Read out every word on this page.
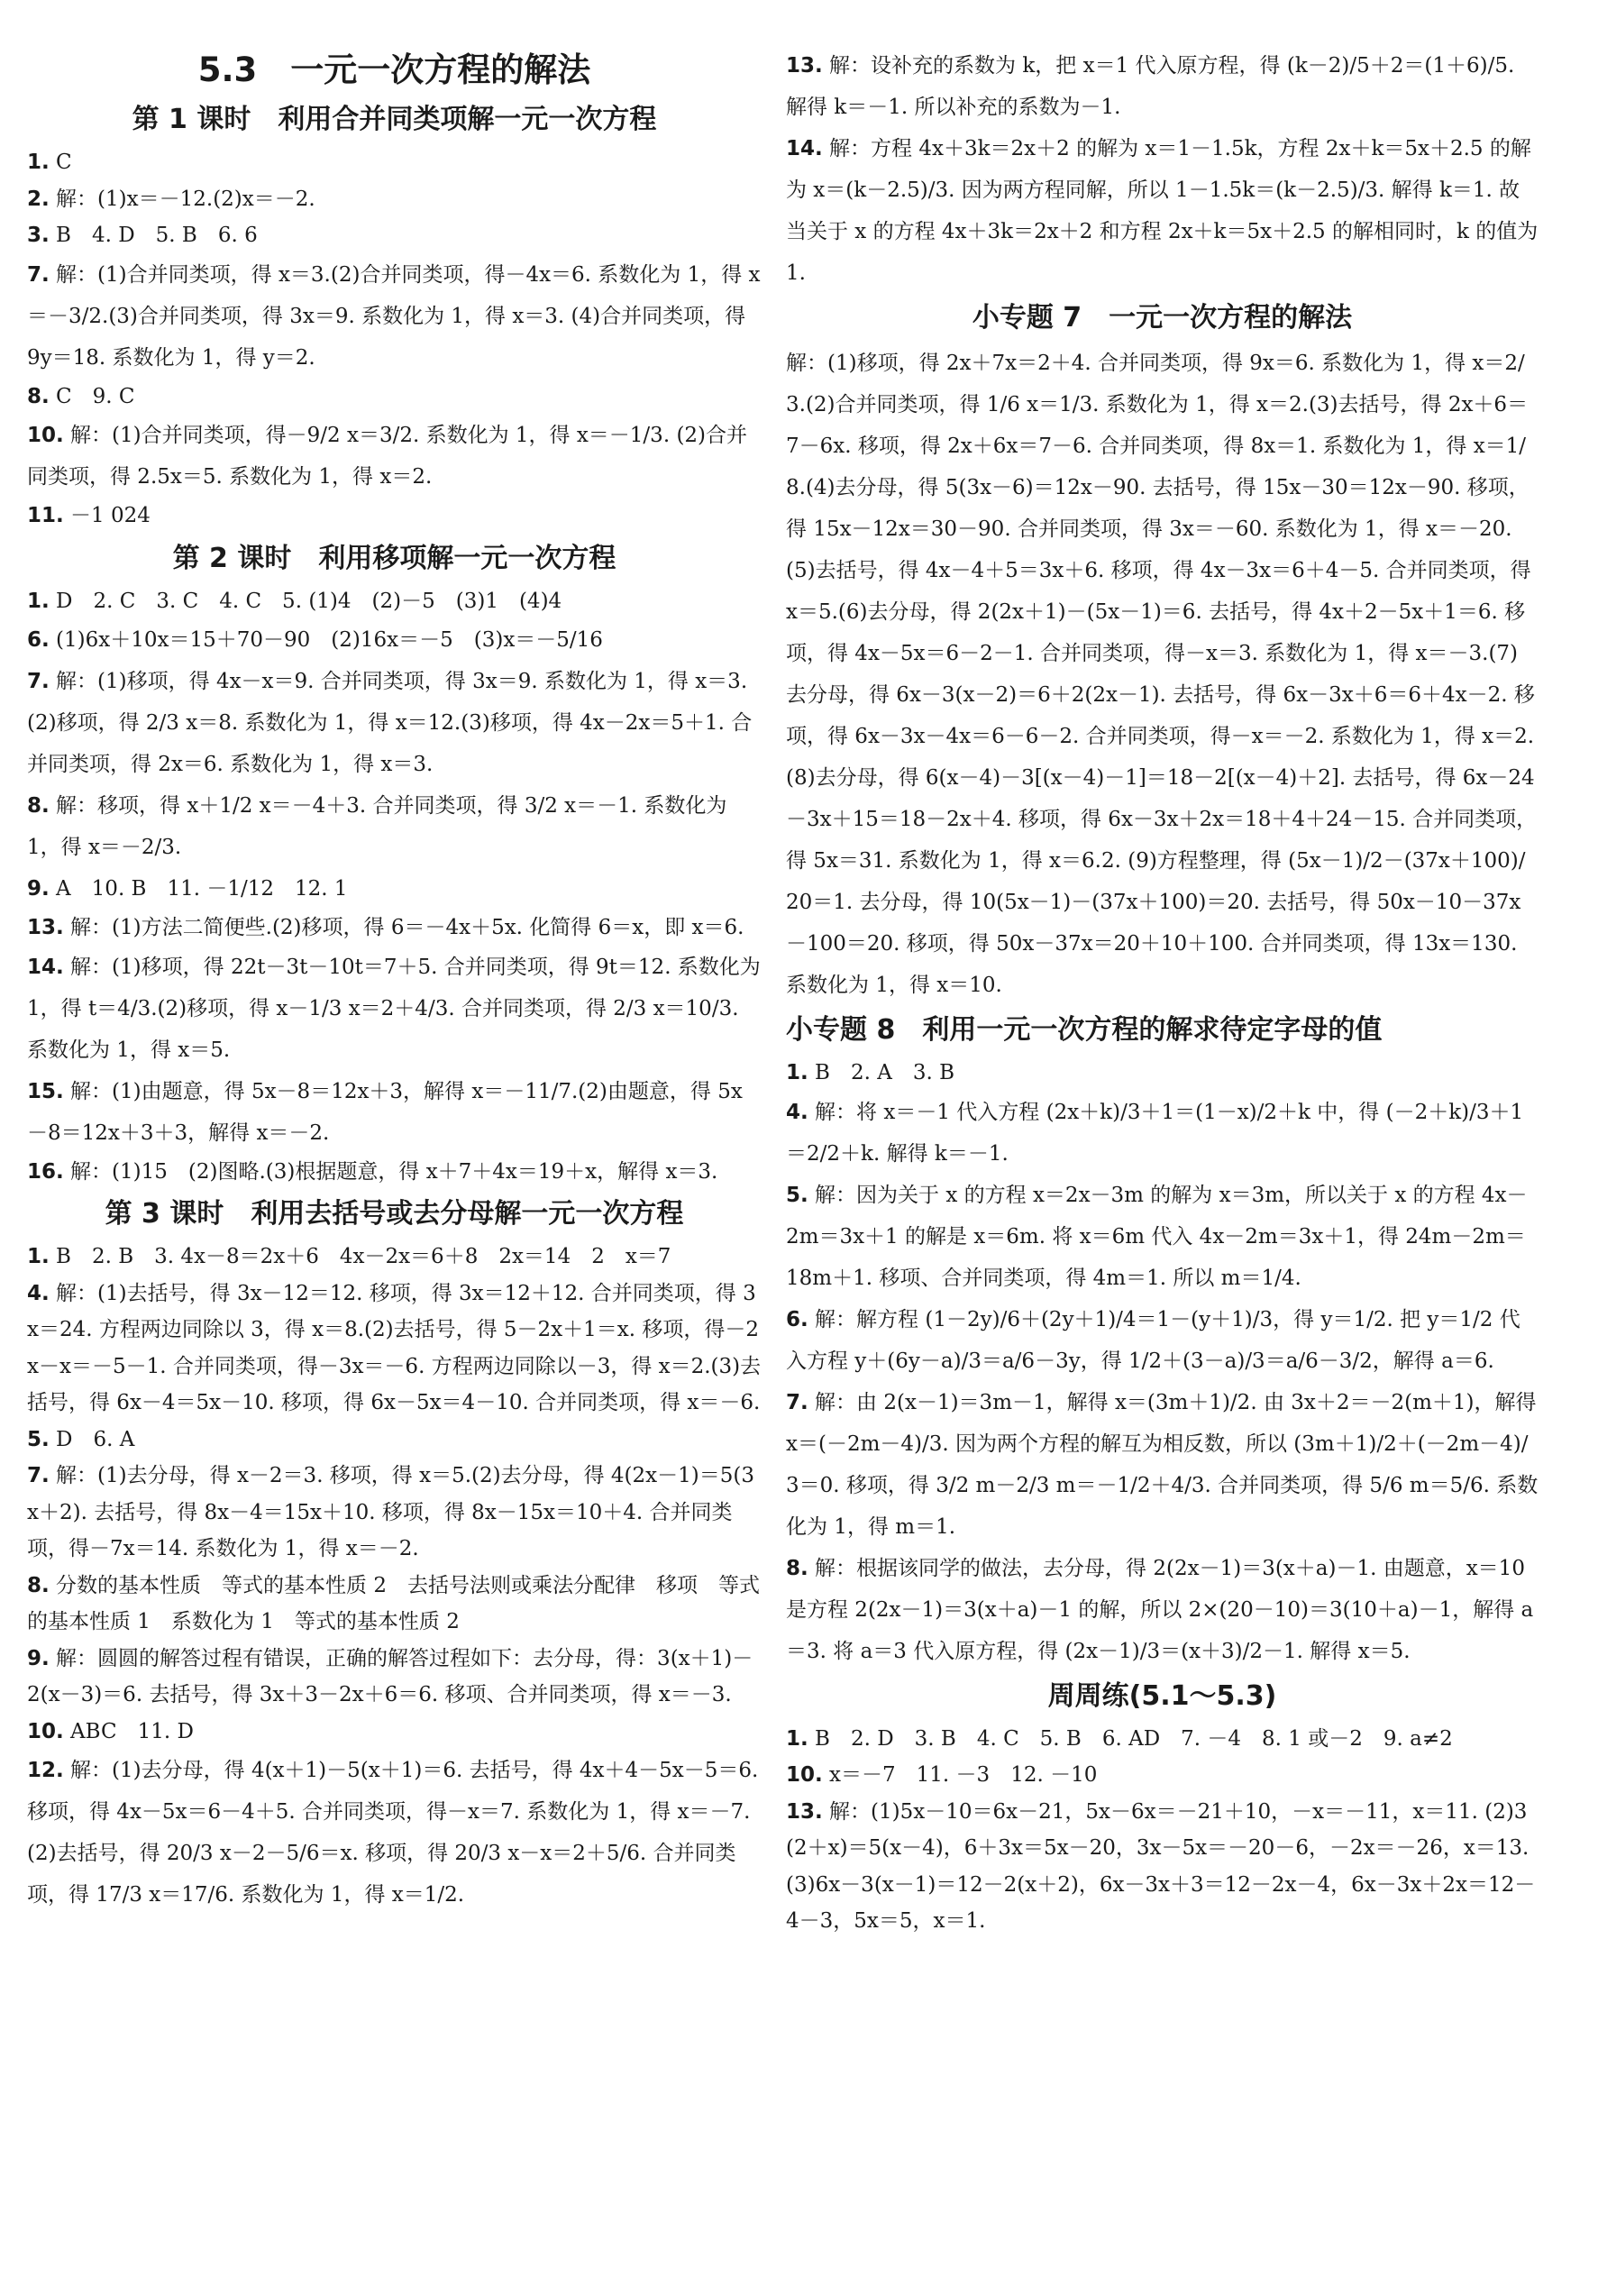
5.3　一元一次方程的解法
第 1 课时　利用合并同类项解一元一次方程
1. C
2. 解：(1)x＝－12.(2)x＝－2.
3. B　4. D　5. B　6. 6
7. 解：(1)合并同类项，得 x＝3.(2)合并同类项，得－4x＝6. 系数化为 1，得 x＝－3/2.(3)合并同类项，得 3x＝9. 系数化为 1，得 x＝3. (4)合并同类项，得 9y＝18. 系数化为 1，得 y＝2.
8. C　9. C
10. 解：(1)合并同类项，得－9/2 x＝3/2. 系数化为 1，得 x＝－1/3. (2)合并同类项，得 2.5x＝5. 系数化为 1，得 x＝2.
11. －1 024
第 2 课时　利用移项解一元一次方程
1. D　2. C　3. C　4. C　5. (1)4　(2)－5　(3)1　(4)4
6. (1)6x＋10x＝15＋70－90　(2)16x＝－5　(3)x＝－5/16
7. 解：(1)移项，得 4x－x＝9. 合并同类项，得 3x＝9. 系数化为 1，得 x＝3.(2)移项，得 2/3 x＝8. 系数化为 1，得 x＝12.(3)移项，得 4x－2x＝5＋1. 合并同类项，得 2x＝6. 系数化为 1，得 x＝3.
8. 解：移项，得 x＋1/2 x＝－4＋3. 合并同类项，得 3/2 x＝－1. 系数化为 1，得 x＝－2/3.
9. A　10. B　11. －1/12　12. 1
13. 解：(1)方法二简便些.(2)移项，得 6＝－4x＋5x. 化简得 6＝x，即 x＝6.
14. 解：(1)移项，得 22t－3t－10t＝7＋5. 合并同类项，得 9t＝12. 系数化为 1，得 t＝4/3.(2)移项，得 x－1/3 x＝2＋4/3. 合并同类项，得 2/3 x＝10/3. 系数化为 1，得 x＝5.
15. 解：(1)由题意，得 5x－8＝12x＋3，解得 x＝－11/7.(2)由题意，得 5x－8＝12x＋3＋3，解得 x＝－2.
16. 解：(1)15　(2)图略.(3)根据题意，得 x＋7＋4x＝19＋x，解得 x＝3.
第 3 课时　利用去括号或去分母解一元一次方程
1. B　2. B　3. 4x－8＝2x＋6　4x－2x＝6＋8　2x＝14　2　x＝7
4. 解：(1)去括号，得 3x－12＝12. 移项，得 3x＝12＋12. 合并同类项，得 3x＝24. 方程两边同除以 3，得 x＝8.(2)去括号，得 5－2x＋1＝x. 移项，得－2x－x＝－5－1. 合并同类项，得－3x＝－6. 方程两边同除以－3，得 x＝2.(3)去括号，得 6x－4＝5x－10. 移项，得 6x－5x＝4－10. 合并同类项，得 x＝－6.
5. D　6. A
7. 解：(1)去分母，得 x－2＝3. 移项，得 x＝5.(2)去分母，得 4(2x－1)＝5(3x＋2). 去括号，得 8x－4＝15x＋10. 移项，得 8x－15x＝10＋4. 合并同类项，得－7x＝14. 系数化为 1，得 x＝－2.
8. 分数的基本性质　等式的基本性质 2　去括号法则或乘法分配律　移项　等式的基本性质 1　系数化为 1　等式的基本性质 2
9. 解：圆圆的解答过程有错误，正确的解答过程如下：去分母，得：3(x＋1)－2(x－3)＝6. 去括号，得 3x＋3－2x＋6＝6. 移项、合并同类项，得 x＝－3.
10. ABC　11. D
12. 解：(1)去分母，得 4(x＋1)－5(x＋1)＝6. 去括号，得 4x＋4－5x－5＝6. 移项，得 4x－5x＝6－4＋5. 合并同类项，得－x＝7. 系数化为 1，得 x＝－7.(2)去括号，得 20/3 x－2－5/6＝x. 移项，得 20/3 x－x＝2＋5/6. 合并同类项，得 17/3 x＝17/6. 系数化为 1，得 x＝1/2.
13. 解：设补充的系数为 k，把 x＝1 代入原方程，得 (k－2)/5＋2＝(1＋6)/5. 解得 k＝－1. 所以补充的系数为－1.
14. 解：方程 4x＋3k＝2x＋2 的解为 x＝1－1.5k，方程 2x＋k＝5x＋2.5 的解为 x＝(k－2.5)/3. 因为两方程同解，所以 1－1.5k＝(k－2.5)/3. 解得 k＝1. 故当关于 x 的方程 4x＋3k＝2x＋2 和方程 2x＋k＝5x＋2.5 的解相同时，k 的值为 1.
小专题 7　一元一次方程的解法
解：(1)移项，得 2x＋7x＝2＋4. 合并同类项，得 9x＝6. 系数化为 1，得 x＝2/3.(2)合并同类项，得 1/6 x＝1/3. 系数化为 1，得 x＝2.(3)去括号，得 2x＋6＝7－6x. 移项，得 2x＋6x＝7－6. 合并同类项，得 8x＝1. 系数化为 1，得 x＝1/8.(4)去分母，得 5(3x－6)＝12x－90. 去括号，得 15x－30＝12x－90. 移项，得 15x－12x＝30－90. 合并同类项，得 3x＝－60. 系数化为 1，得 x＝－20.(5)去括号，得 4x－4＋5＝3x＋6. 移项，得 4x－3x＝6＋4－5. 合并同类项，得 x＝5.(6)去分母，得 2(2x＋1)－(5x－1)＝6. 去括号，得 4x＋2－5x＋1＝6. 移项，得 4x－5x＝6－2－1. 合并同类项，得－x＝3. 系数化为 1，得 x＝－3.(7)去分母，得 6x－3(x－2)＝6＋2(2x－1). 去括号，得 6x－3x＋6＝6＋4x－2. 移项，得 6x－3x－4x＝6－6－2. 合并同类项，得－x＝－2. 系数化为 1，得 x＝2.(8)去分母，得 6(x－4)－3[(x－4)－1]＝18－2[(x－4)＋2]. 去括号，得 6x－24－3x＋15＝18－2x＋4. 移项，得 6x－3x＋2x＝18＋4＋24－15. 合并同类项，得 5x＝31. 系数化为 1，得 x＝6.2. (9)方程整理，得 (5x－1)/2－(37x＋100)/20＝1. 去分母，得 10(5x－1)－(37x＋100)＝20. 去括号，得 50x－10－37x－100＝20. 移项，得 50x－37x＝20＋10＋100. 合并同类项，得 13x＝130. 系数化为 1，得 x＝10.
小专题 8　利用一元一次方程的解求待定字母的值
1. B　2. A　3. B
4. 解：将 x＝－1 代入方程 (2x＋k)/3＋1＝(1－x)/2＋k 中，得 (－2＋k)/3＋1＝2/2＋k. 解得 k＝－1.
5. 解：因为关于 x 的方程 x＝2x－3m 的解为 x＝3m，所以关于 x 的方程 4x－2m＝3x＋1 的解是 x＝6m. 将 x＝6m 代入 4x－2m＝3x＋1，得 24m－2m＝18m＋1. 移项、合并同类项，得 4m＝1. 所以 m＝1/4.
6. 解：解方程 (1－2y)/6＋(2y＋1)/4＝1－(y＋1)/3，得 y＝1/2. 把 y＝1/2 代入方程 y＋(6y－a)/3＝a/6－3y，得 1/2＋(3－a)/3＝a/6－3/2，解得 a＝6.
7. 解：由 2(x－1)＝3m－1，解得 x＝(3m＋1)/2. 由 3x＋2＝－2(m＋1)，解得 x＝(－2m－4)/3. 因为两个方程的解互为相反数，所以 (3m＋1)/2＋(－2m－4)/3＝0. 移项，得 3/2 m－2/3 m＝－1/2＋4/3. 合并同类项，得 5/6 m＝5/6. 系数化为 1，得 m＝1.
8. 解：根据该同学的做法，去分母，得 2(2x－1)＝3(x＋a)－1. 由题意，x＝10 是方程 2(2x－1)＝3(x＋a)－1 的解，所以 2×(20－10)＝3(10＋a)－1，解得 a＝3. 将 a＝3 代入原方程，得 (2x－1)/3＝(x＋3)/2－1. 解得 x＝5.
周周练(5.1～5.3)
1. B　2. D　3. B　4. C　5. B　6. AD　7. －4　8. 1 或－2　9. a≠2
10. x＝－7　11. －3　12. －10
13. 解：(1)5x－10＝6x－21，5x－6x＝－21＋10，－x＝－11，x＝11. (2)3(2＋x)＝5(x－4)，6＋3x＝5x－20，3x－5x＝－20－6，－2x＝－26，x＝13.(3)6x－3(x－1)＝12－2(x＋2)，6x－3x＋3＝12－2x－4，6x－3x＋2x＝12－4－3，5x＝5，x＝1.
